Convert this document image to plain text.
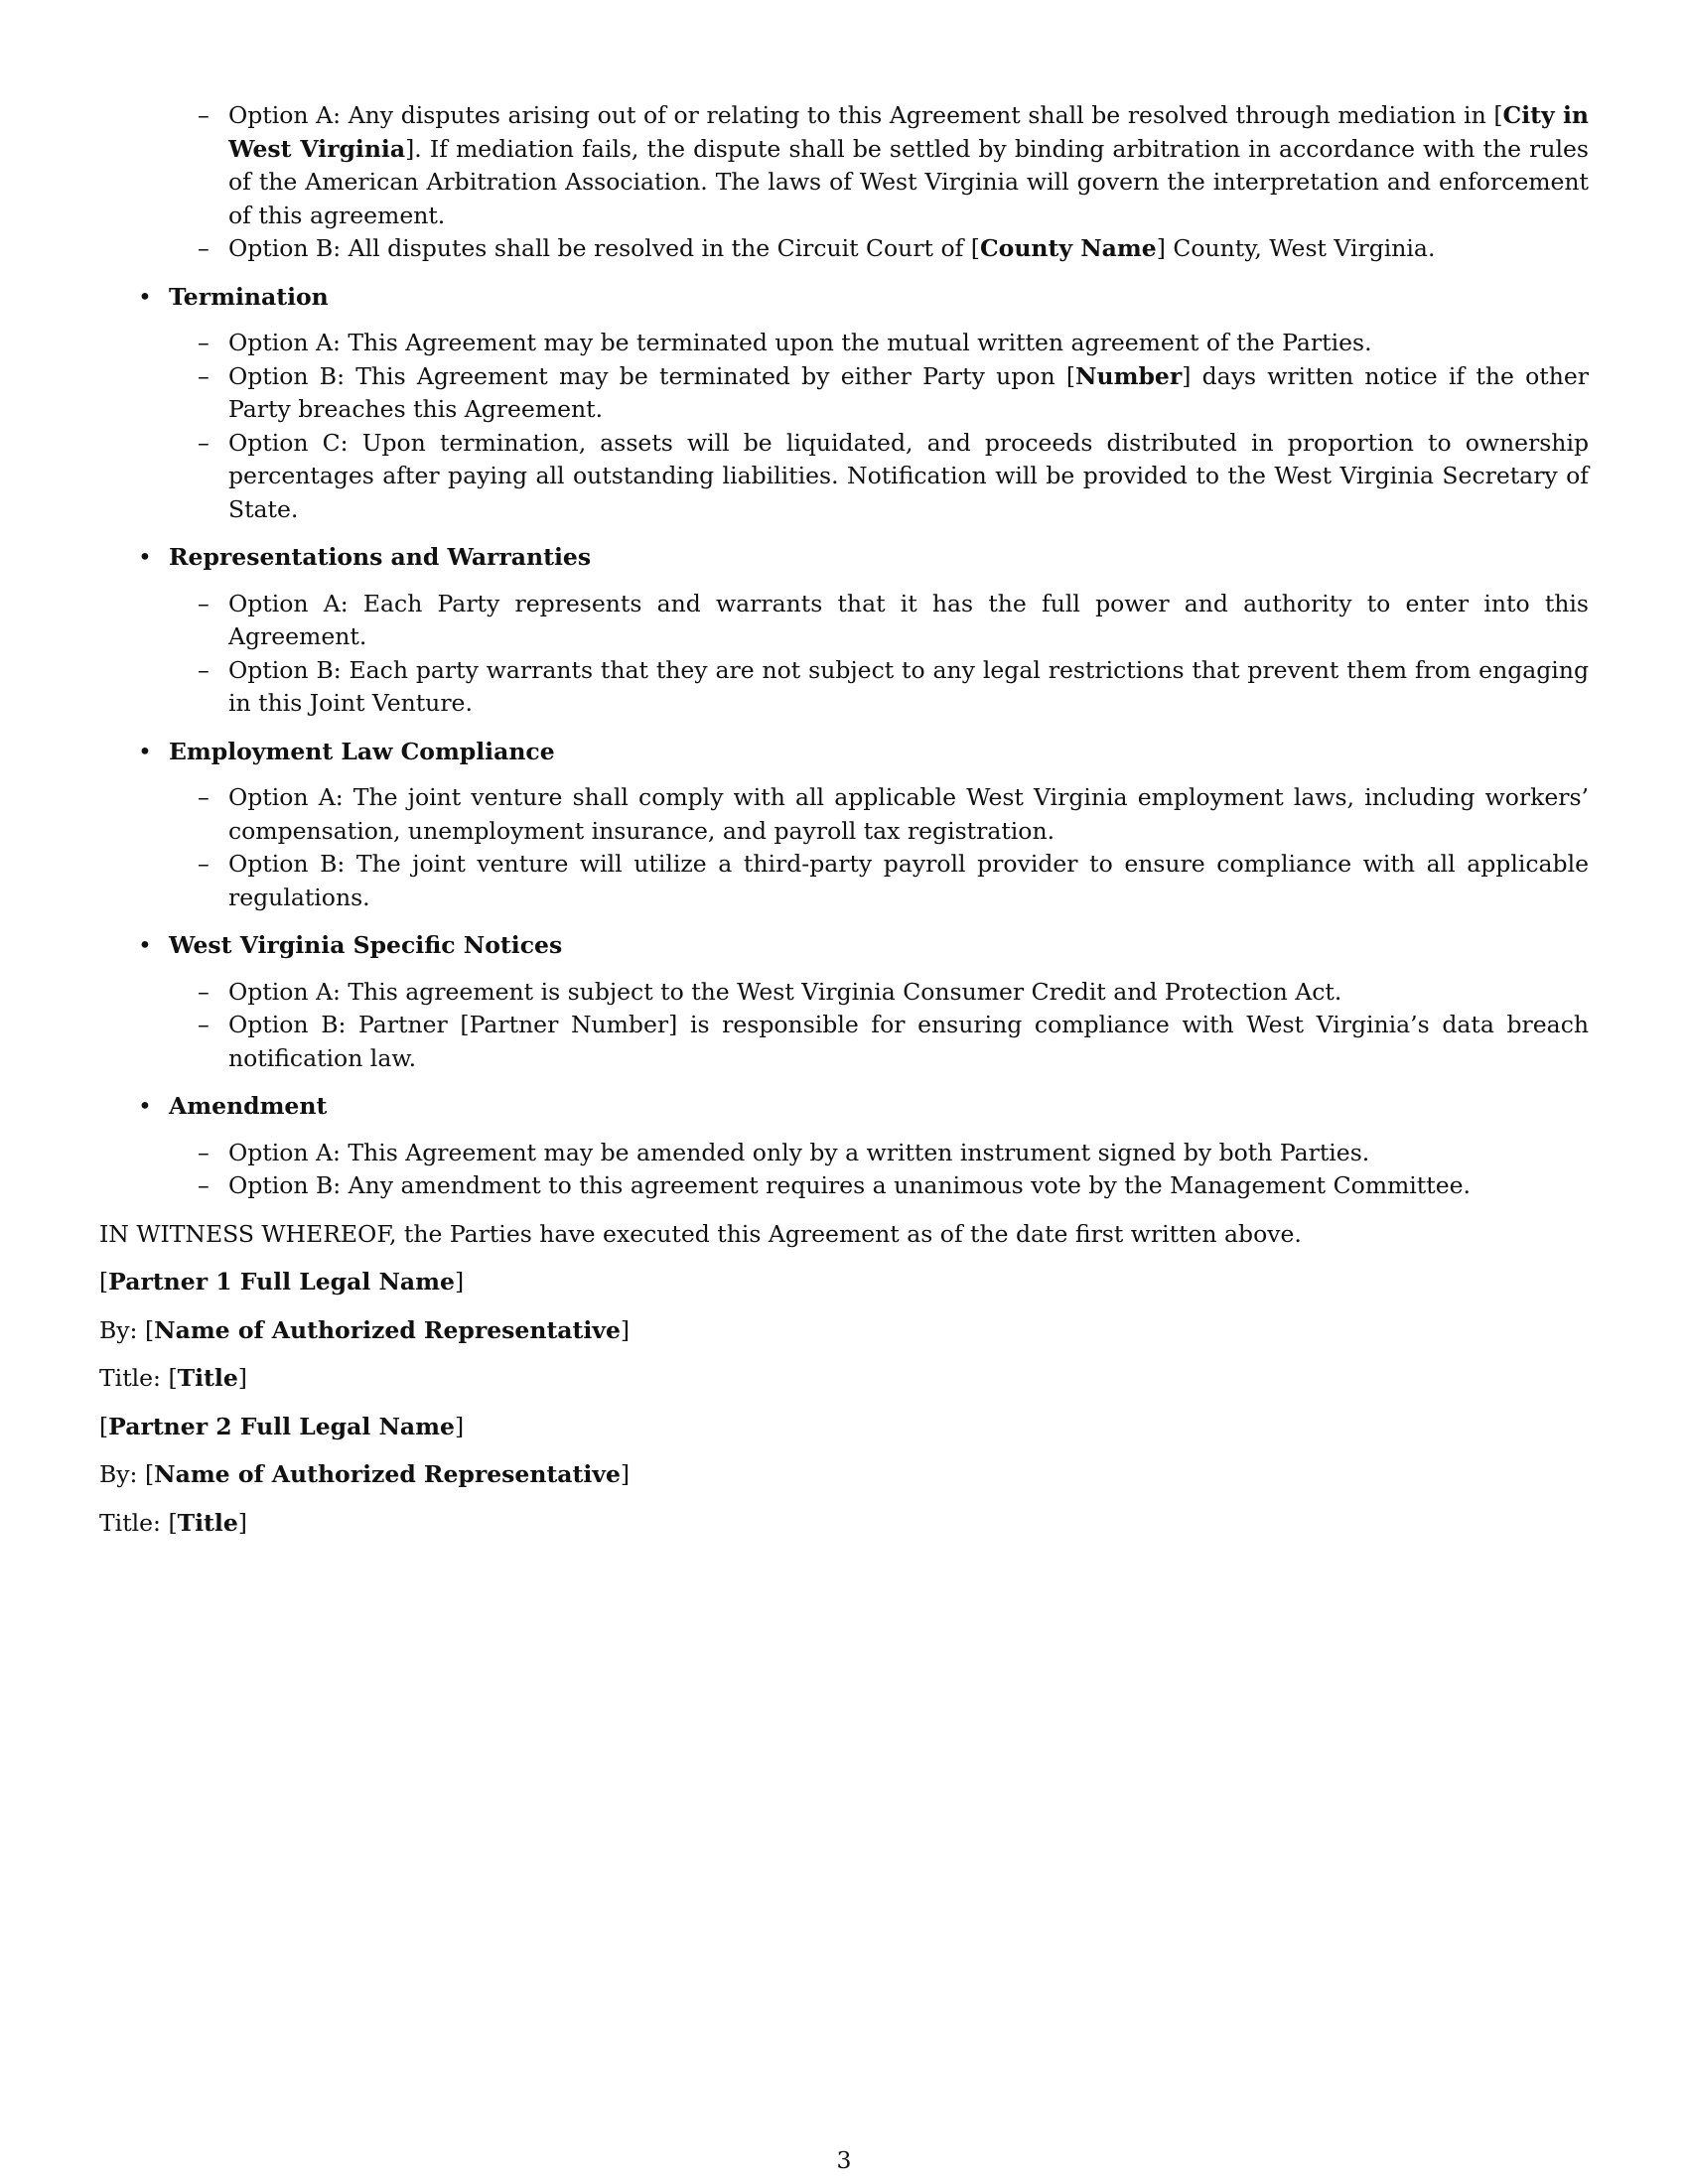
– Option A: Any disputes arising out of or relating to this Agreement shall be resolved through mediation in [City in West Virginia]. If mediation fails, the dispute shall be settled by binding arbitration in accordance with the rules of the American Arbitration Association. The laws of West Virginia will govern the interpretation and enforcement of this agreement.
– Option B: All disputes shall be resolved in the Circuit Court of [County Name] County, West Virginia.
• Termination
– Option A: This Agreement may be terminated upon the mutual written agreement of the Parties.
– Option B: This Agreement may be terminated by either Party upon [Number] days written notice if the other Party breaches this Agreement.
– Option C: Upon termination, assets will be liquidated, and proceeds distributed in proportion to ownership percentages after paying all outstanding liabilities. Notification will be provided to the West Virginia Secretary of State.
• Representations and Warranties
– Option A: Each Party represents and warrants that it has the full power and authority to enter into this Agreement.
– Option B: Each party warrants that they are not subject to any legal restrictions that prevent them from engaging in this Joint Venture.
• Employment Law Compliance
– Option A: The joint venture shall comply with all applicable West Virginia employment laws, including workers’ compensation, unemployment insurance, and payroll tax registration.
– Option B: The joint venture will utilize a third-party payroll provider to ensure compliance with all applicable regulations.
• West Virginia Specific Notices
– Option A: This agreement is subject to the West Virginia Consumer Credit and Protection Act.
– Option B: Partner [Partner Number] is responsible for ensuring compliance with West Virginia’s data breach notification law.
• Amendment
– Option A: This Agreement may be amended only by a written instrument signed by both Parties.
– Option B: Any amendment to this agreement requires a unanimous vote by the Management Committee.
IN WITNESS WHEREOF, the Parties have executed this Agreement as of the date first written above.
[Partner 1 Full Legal Name]
By: [Name of Authorized Representative]
Title: [Title]
[Partner 2 Full Legal Name]
By: [Name of Authorized Representative]
Title: [Title]
3
